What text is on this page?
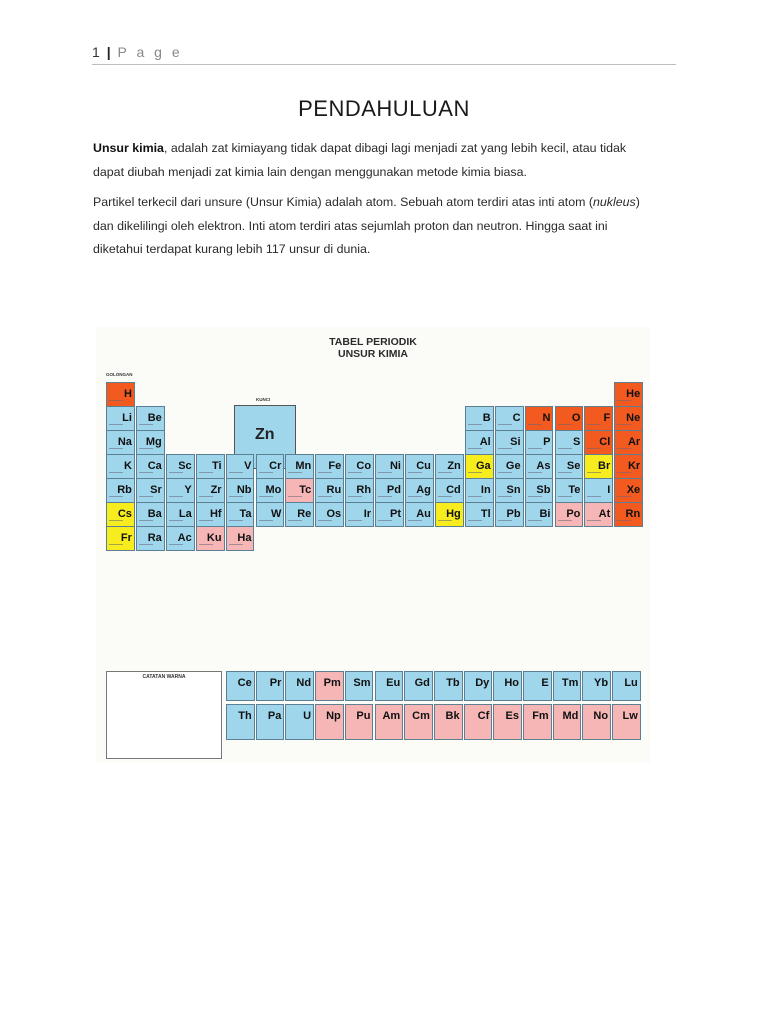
1 | P a g e
PENDAHULUAN
Unsur kimia, adalah zat kimiayang tidak dapat dibagi lagi menjadi zat yang lebih kecil, atau tidak dapat diubah menjadi zat kimia lain dengan menggunakan metode kimia biasa.
Partikel terkecil dari unsure (Unsur Kimia) adalah atom. Sebuah atom terdiri atas inti atom (nukleus) dan dikelilingi oleh elektron. Inti atom terdiri atas sejumlah proton dan neutron. Hingga saat ini diketahui terdapat kurang lebih 117 unsur di dunia.
TABEL PERIODIK
UNSUR KIMIA
GOLONGAN
Zn
KUNCI
H	He
Li Be	B C N O F Ne
Na Mg	Al Si P S Cl Ar
K Ca Sc Ti V Cr Mn Fe Co Ni Cu Zn Ga Ge As Se Br Kr
Rb Sr Y Zr Nb Mo Tc Ru Rh Pd Ag Cd In Sn Sb Te I Xe
Cs Ba La Hf Ta W Re Os Ir Pt Au Hg Tl Pb Bi Po At Rn
Fr Ra Ac Ku Ha
Ce Pr Nd Pm Sm Eu Gd Tb Dy Ho E Tm Yb Lu
Th Pa U Np Pu Am Cm Bk Cf Es Fm Md No Lw
CATATAN WARNA
